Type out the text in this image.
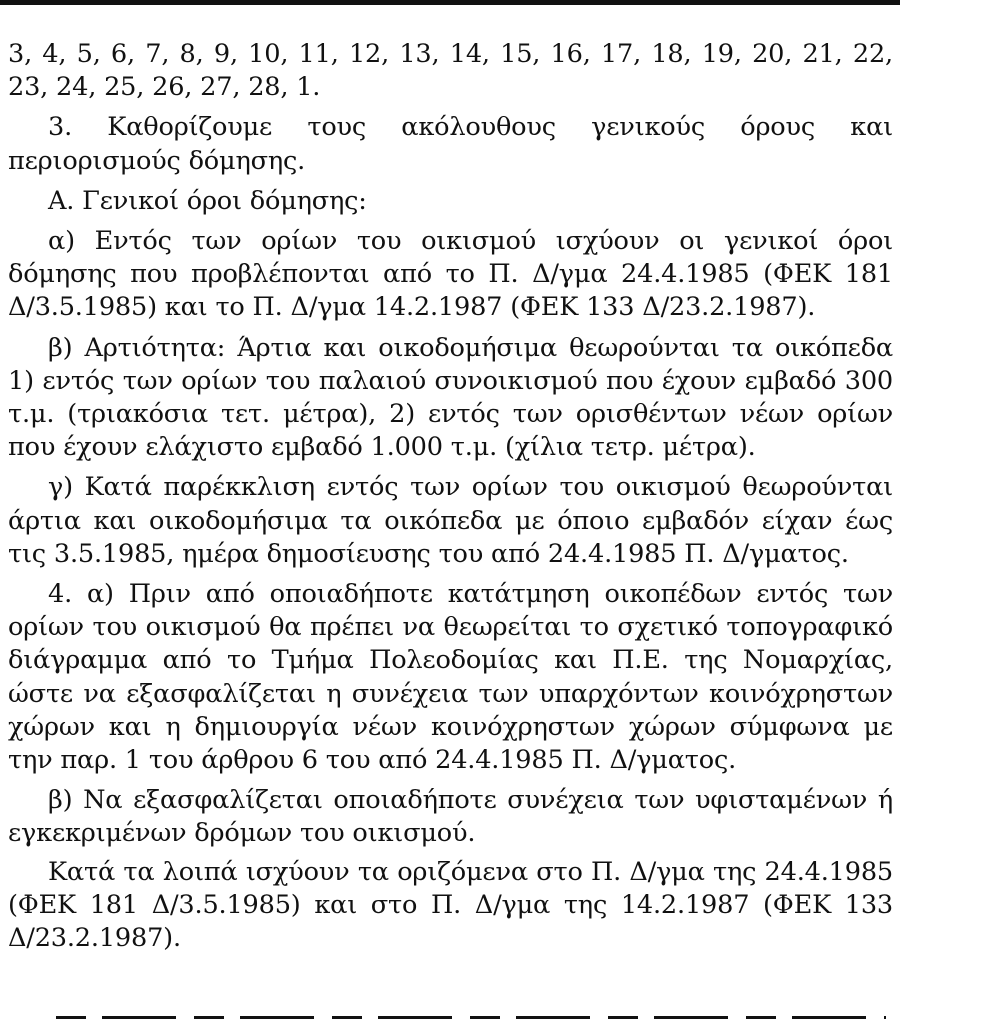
3, 4, 5, 6, 7, 8, 9, 10, 11, 12, 13, 14, 15, 16, 17, 18, 19, 20, 21, 22, 23, 24, 25, 26, 27, 28, 1.

3. Καθορίζουμε τους ακόλουθους γενικούς όρους και περιορισμούς δόμησης.

Α. Γενικοί όροι δόμησης:

α) Εντός των ορίων του οικισμού ισχύουν οι γενικοί όροι δόμησης που προβλέπονται από το Π. Δ/γμα 24.4.1985 (ΦΕΚ 181 Δ/3.5.1985) και το Π. Δ/γμα 14.2.1987 (ΦΕΚ 133 Δ/23.2.1987).

β) Αρτιότητα: Άρτια και οικοδομήσιμα θεωρούνται τα οικόπεδα 1) εντός των ορίων του παλαιού συνοικισμού που έχουν εμβαδό 300 τ.μ. (τριακόσια τετ. μέτρα), 2) εντός των ορισθέντων νέων ορίων που έχουν ελάχιστο εμβαδό 1.000 τ.μ. (χίλια τετρ. μέτρα).

γ) Κατά παρέκκλιση εντός των ορίων του οικισμού θεωρούνται άρτια και οικοδομήσιμα τα οικόπεδα με όποιο εμβαδόν είχαν έως τις 3.5.1985, ημέρα δημοσίευσης του από 24.4.1985 Π. Δ/γματος.

4. α) Πριν από οποιαδήποτε κατάτμηση οικοπέδων εντός των ορίων του οικισμού θα πρέπει να θεωρείται το σχετικό τοπογραφικό διάγραμμα από το Τμήμα Πολεοδομίας και Π.Ε. της Νομαρχίας, ώστε να εξασφαλίζεται η συνέχεια των υπαρχόντων κοινόχρηστων χώρων και η δημιουργία νέων κοινόχρηστων χώρων σύμφωνα με την παρ. 1 του άρθρου 6 του από 24.4.1985 Π. Δ/γματος.

β) Να εξασφαλίζεται οποιαδήποτε συνέχεια των υφισταμένων ή εγκεκριμένων δρόμων του οικισμού.

Κατά τα λοιπά ισχύουν τα οριζόμενα στο Π. Δ/γμα της 24.4.1985 (ΦΕΚ 181 Δ/3.5.1985) και στο Π. Δ/γμα της 14.2.1987 (ΦΕΚ 133 Δ/23.2.1987).
